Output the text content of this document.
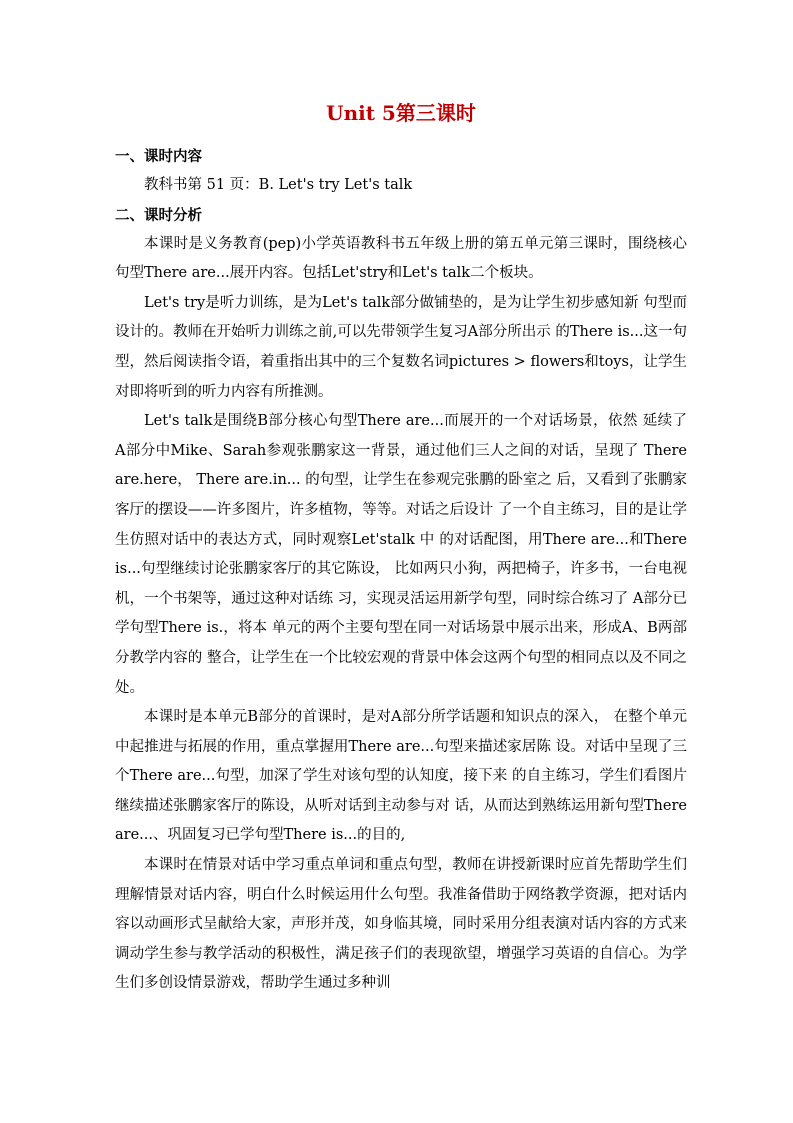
Unit 5第三课时
一、课时内容

教科书第 51 页：B. Let's try Let's talk

二、课时分析

本课时是义务教育(pep)小学英语教科书五年级上册的第五单元第三课时，围绕核心句型There are...展开内容。包括Let'stry和Let's talk二个板块。

Let's try是听力训练，是为Let's talk部分做铺垫的，是为让学生初步感知新 句型而设计的。教师在开始听力训练之前,可以先带领学生复习A部分所出示 的There is...这一句型，然后阅读指令语，着重指出其中的三个复数名词pictures > flowers和toys，让学生对即将听到的听力内容有所推测。

Let's talk是围绕B部分核心句型There are...而展开的一个对话场景，依然 延续了 A部分中Mike、Sarah参观张鹏家这一背景，通过他们三人之间的对话，呈现了 There are.here， There are.in... 的句型，让学生在参观完张鹏的卧室之 后，又看到了张鹏家客厅的摆设——许多图片，许多植物，等等。对话之后设计 了一个自主练习，目的是让学生仿照对话中的表达方式，同时观察Let'stalk 中 的对话配图，用There are...和There is...句型继续讨论张鹏家客厅的其它陈设， 比如两只小狗，两把椅子，许多书，一台电视机，一个书架等，通过这种对话练 习，实现灵活运用新学句型，同时综合练习了 A部分已学句型There is.，将本 单元的两个主要句型在同一对话场景中展示出来，形成A、B两部分教学内容的 整合，让学生在一个比较宏观的背景中体会这两个句型的相同点以及不同之处。

本课时是本单元B部分的首课时，是对A部分所学话题和知识点的深入， 在整个单元中起推进与拓展的作用，重点掌握用There are...句型来描述家居陈 设。对话中呈现了三个There are...句型，加深了学生对该句型的认知度，接下来 的自主练习，学生们看图片继续描述张鹏家客厅的陈设，从听对话到主动参与对 话，从而达到熟练运用新句型There are...、巩固复习已学句型There is...的目的,

本课时在情景对话中学习重点单词和重点句型，教师在讲授新课时应首先帮助学生们理解情景对话内容，明白什么时候运用什么句型。我准备借助于网络教学资源，把对话内容以动画形式呈献给大家，声形并茂，如身临其境，同时采用分组表演对话内容的方式来调动学生参与教学活动的积极性，满足孩子们的表现欲望，增强学习英语的自信心。为学生们多创设情景游戏，帮助学生通过多种训
